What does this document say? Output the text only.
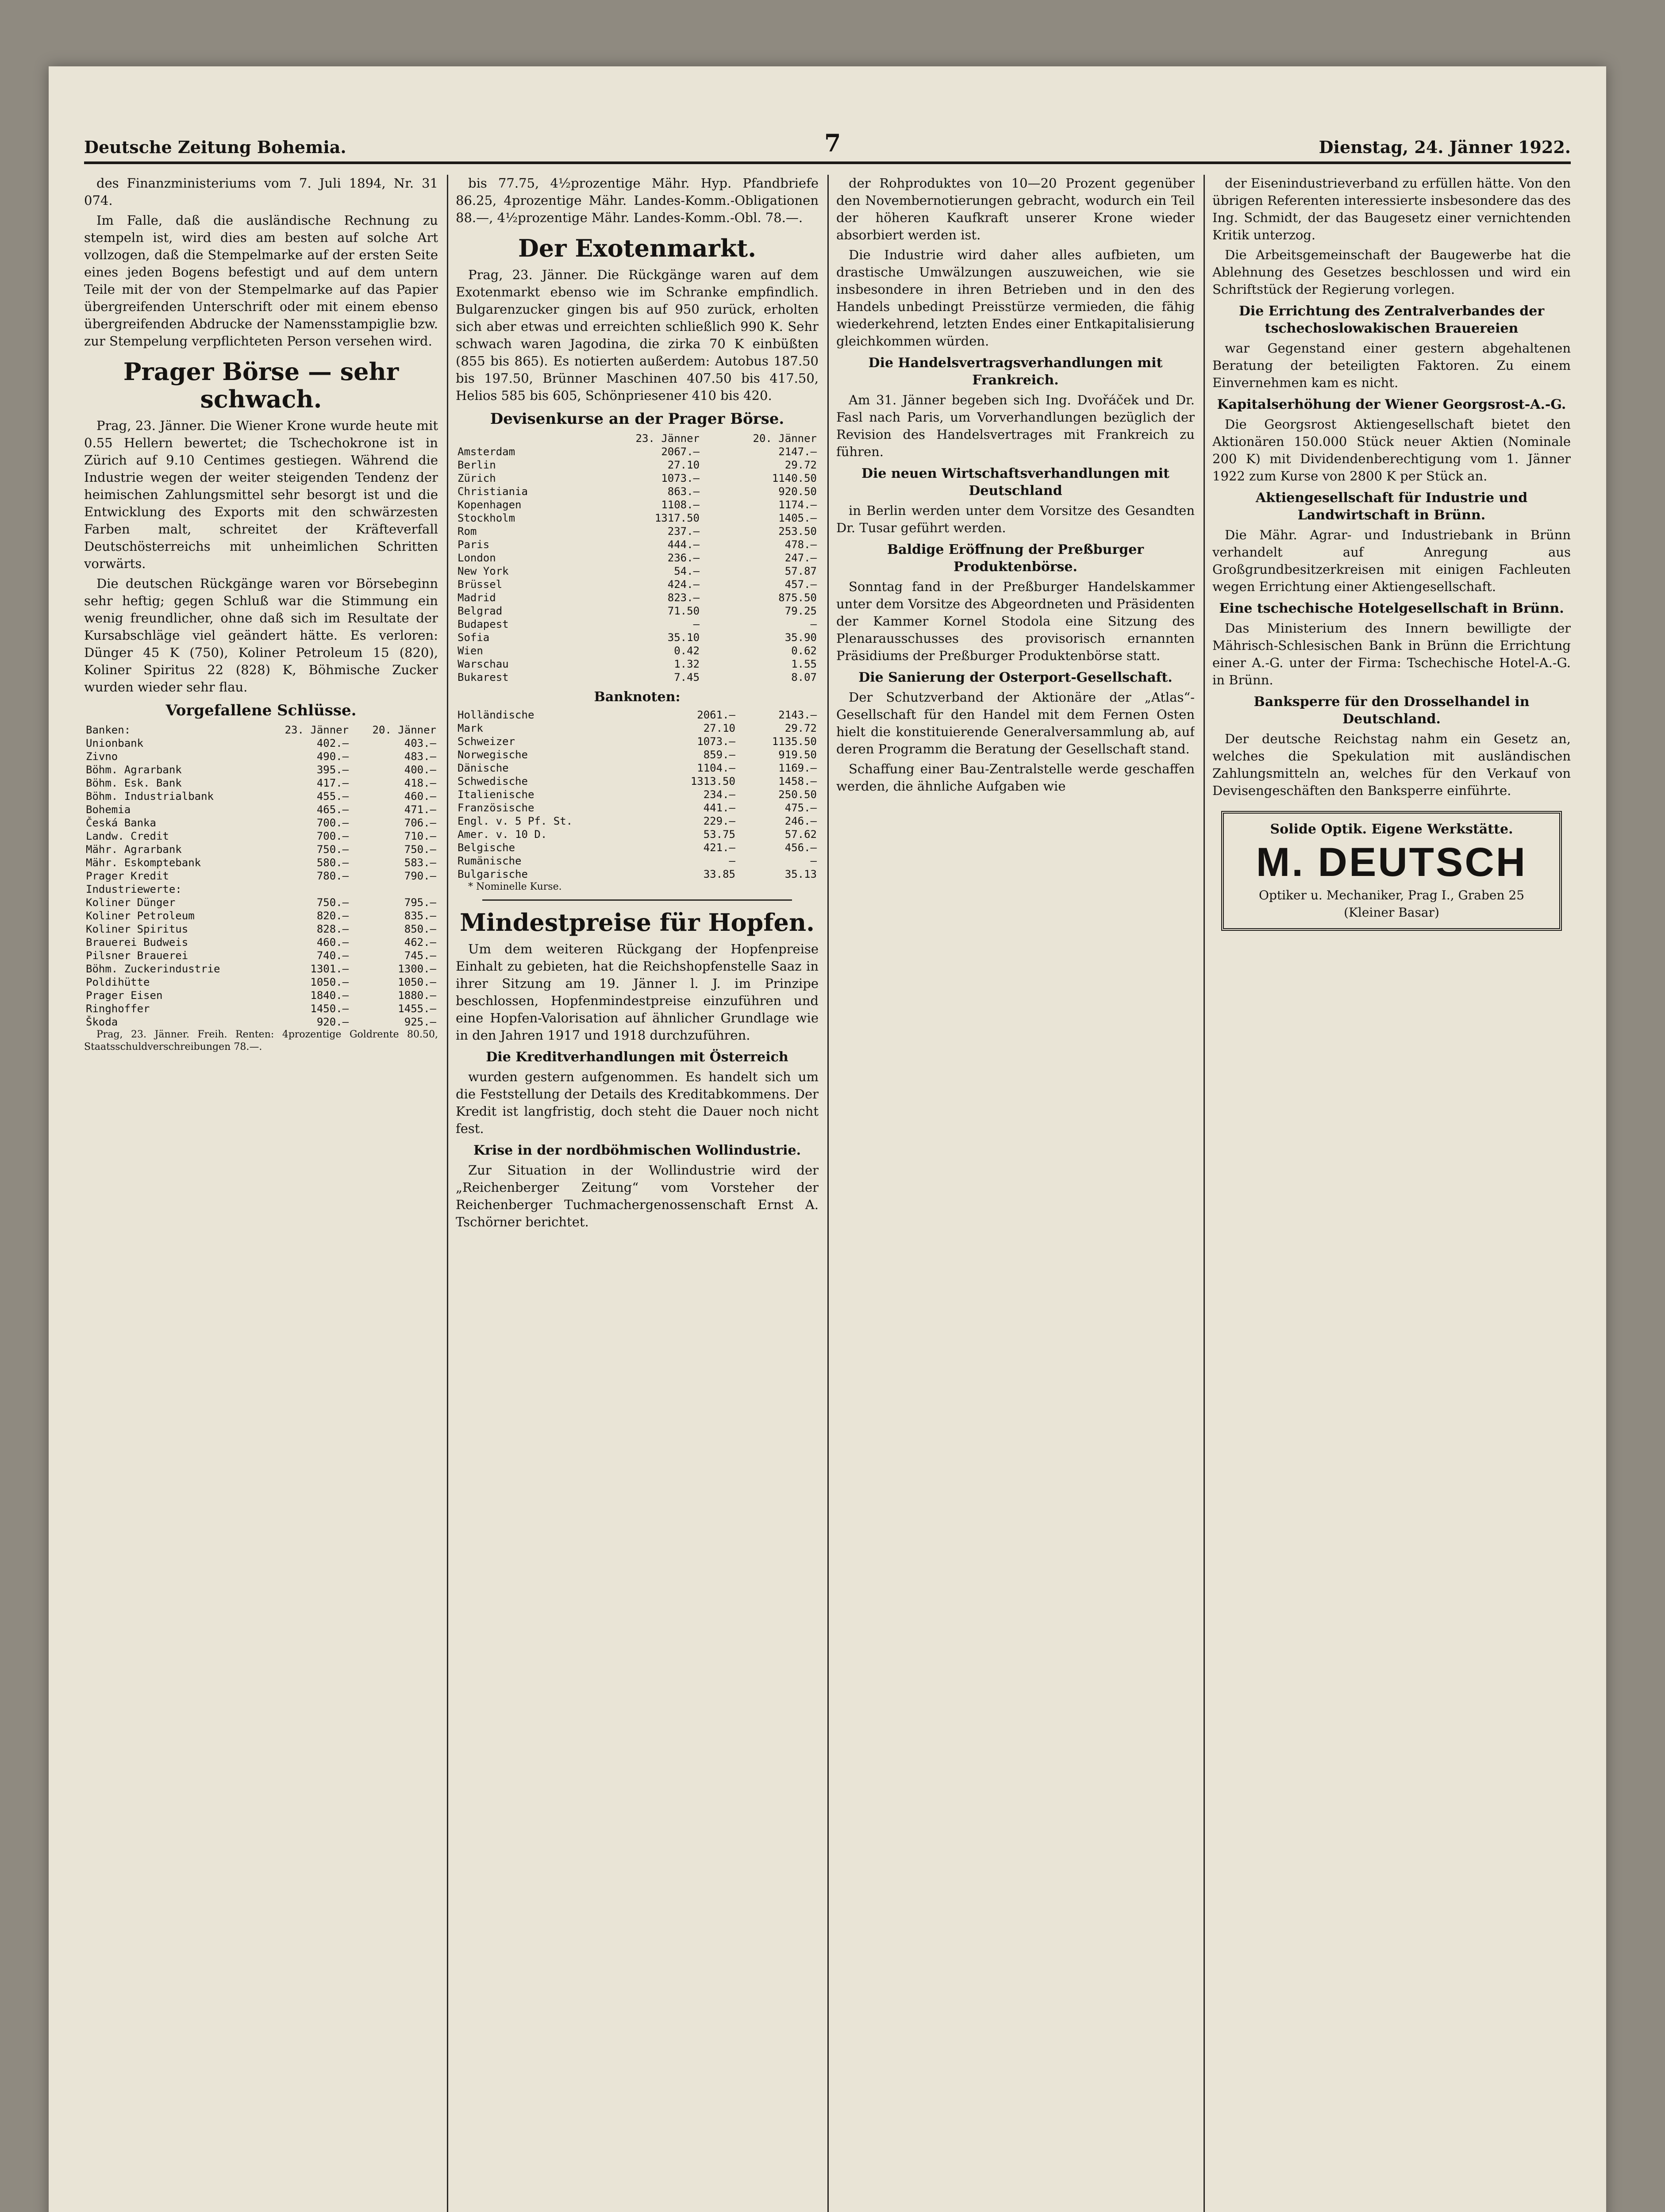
Deutsche Zeitung Bohemia.	7	Dienstag, 24. Jänner 1922.

des Finanzministeriums vom 7. Juli 1894, Nr. 31 074.

Im Falle, daß die ausländische Rechnung zu stempeln ist, wird dies am besten auf solche Art vollzogen, daß die Stempelmarke auf der ersten Seite eines jeden Bogens befestigt und auf dem untern Teile mit der von der Stempelmarke auf das Papier übergreifenden Unterschrift oder mit einem ebenso übergreifenden Abdrucke der Namensstampiglie bzw. zur Stempelung verpflichteten Person versehen wird.

Prager Börse — sehr schwach.

Prag, 23. Jänner. Die Wiener Krone wurde heute mit 0.55 Hellern bewertet; die Tschechokrone ist in Zürich auf 9.10 Centimes gestiegen. Während die Industrie wegen der weiter steigenden Tendenz der heimischen Zahlungsmittel sehr besorgt ist und die Entwicklung des Exports mit den schwärzesten Farben malt, schreitet der Kräfteverfall Deutschösterreichs mit unheimlichen Schritten vorwärts.

Die deutschen Rückgänge waren vor Börsebeginn sehr heftig; gegen Schluß war die Stimmung ein wenig freundlicher, ohne daß sich im Resultate der Kursabschläge viel geändert hätte. Es verloren: Dünger 45 K (750), Koliner Petroleum 15 (820), Koliner Spiritus 22 (828) K, Böhmische Zucker wurden wieder sehr flau.

Vorgefallene Schlüsse.
Banken:	23. Jänner	20. Jänner
Unionbank	402.—	403.—
Zivno	490.—	483.—
Böhm. Agrarbank	395.—	400.—
Böhm. Esk. Bank	417.—	418.—
Böhm. Industrialbank	455.—	460.—
Bohemia	465.—	471.—
Česká Banka	700.—	706.—
Landw. Credit	700.—	710.—
Mähr. Agrarbank	750.—	750.—
Mähr. Eskomptebank	580.—	583.—
Prager Kredit	780.—	790.—
Industriewerte:		
Koliner Dünger	750.—	795.—
Koliner Petroleum	820.—	835.—
Koliner Spiritus	828.—	850.—
Brauerei Budweis	460.—	462.—
Pilsner Brauerei	740.—	745.—
Böhm. Zuckerindustrie	1301.—	1300.—
Poldihütte	1050.—	1050.—
Prager Eisen	1840.—	1880.—
Ringhoffer	1450.—	1455.—
Škoda	920.—	925.—

Prag, 23. Jänner. Freih. Renten: 4prozentige Goldrente 80.50, Staatsschuldverschreibungen 78.—.

bis 77.75, 4½prozentige Mähr. Hyp. Pfandbriefe 86.25, 4prozentige Mähr. Landes-Komm.-Obligationen 88.—, 4½prozentige Mähr. Landes-Komm.-Obl. 78.—.

Der Exotenmarkt.

Prag, 23. Jänner. Die Rückgänge waren auf dem Exotenmarkt ebenso wie im Schranke empfindlich. Bulgarenzucker gingen bis auf 950 zurück, erholten sich aber etwas und erreichten schließlich 990 K. Sehr schwach waren Jagodina, die zirka 70 K einbüßten (855 bis 865). Es notierten außerdem: Autobus 187.50 bis 197.50, Brünner Maschinen 407.50 bis 417.50, Helios 585 bis 605, Schönpriesener 410 bis 420.

Devisenkurse an der Prager Börse.
	23. Jänner	20. Jänner
Amsterdam	2067.—	2147.—
Berlin	27.10	29.72
Zürich	1073.—	1140.50
Christiania	863.—	920.50
Kopenhagen	1108.—	1174.—
Stockholm	1317.50	1405.—
Rom	237.—	253.50
Paris	444.—	478.—
London	236.—	247.—
New York	54.—	57.87
Brüssel	424.—	457.—
Madrid	823.—	875.50
Belgrad	71.50	79.25
Budapest	—	—
Sofia	35.10	35.90
Wien	0.42	0.62
Warschau	1.32	1.55
Bukarest	7.45	8.07
Banknoten:
Holländische	2061.—	2143.—
Mark	27.10	29.72
Schweizer	1073.—	1135.50
Norwegische	859.—	919.50
Dänische	1104.—	1169.—
Schwedische	1313.50	1458.—
Italienische	234.—	250.50
Französische	441.—	475.—
Engl. v. 5 Pf. St.	229.—	246.—
Amer. v. 10 D.	53.75	57.62
Belgische	421.—	456.—
Rumänische	—	—
Bulgarische	33.85	35.13

* Nominelle Kurse.

Mindestpreise für Hopfen.

Um dem weiteren Rückgang der Hopfenpreise Einhalt zu gebieten, hat die Reichshopfenstelle Saaz in ihrer Sitzung am 19. Jänner l. J. im Prinzipe beschlossen, Hopfenmindestpreise einzuführen und eine Hopfen-Valorisation auf ähnlicher Grundlage wie in den Jahren 1917 und 1918 durchzuführen.

Die Kreditverhandlungen mit Österreich

wurden gestern aufgenommen. Es handelt sich um die Feststellung der Details des Kreditabkommens. Der Kredit ist langfristig, doch steht die Dauer noch nicht fest.

Krise in der nordböhmischen Wollindustrie.

Zur Situation in der Wollindustrie wird der „Reichenberger Zeitung“ vom Vorsteher der Reichenberger Tuchmachergenossenschaft Ernst A. Tschörner berichtet.

der Rohproduktes von 10—20 Prozent gegenüber den Novembernotierungen gebracht, wodurch ein Teil der höheren Kaufkraft unserer Krone wieder absorbiert werden ist.

Die Industrie wird daher alles aufbieten, um drastische Umwälzungen auszuweichen, wie sie insbesondere in ihren Betrieben und in den des Handels unbedingt Preisstürze vermieden, die fähig wiederkehrend, letzten Endes einer Entkapitalisierung gleichkommen würden.

Die Handelsvertragsverhandlungen mit Frankreich.

Am 31. Jänner begeben sich Ing. Dvořáček und Dr. Fasl nach Paris, um Vorverhandlungen bezüglich der Revision des Handelsvertrages mit Frankreich zu führen.

Die neuen Wirtschaftsverhandlungen mit Deutschland

in Berlin werden unter dem Vorsitze des Gesandten Dr. Tusar geführt werden.

Baldige Eröffnung der Preßburger Produktenbörse.

Sonntag fand in der Preßburger Handelskammer unter dem Vorsitze des Abgeordneten und Präsidenten der Kammer Kornel Stodola eine Sitzung des Plenarausschusses des provisorisch ernannten Präsidiums der Preßburger Produktenbörse statt.

Die Sanierung der Osterport-Gesellschaft.

Der Schutzverband der Aktionäre der „Atlas“-Gesellschaft für den Handel mit dem Fernen Osten hielt die konstituierende Generalversammlung ab, auf deren Programm die Beratung der Gesellschaft stand.

Schaffung einer Bau-Zentralstelle werde geschaffen werden, die ähnliche Aufgaben wie

der Eisenindustrieverband zu erfüllen hätte. Von den übrigen Referenten interessierte insbesondere das des Ing. Schmidt, der das Baugesetz einer vernichtenden Kritik unterzog.

Die Arbeitsgemeinschaft der Baugewerbe hat die Ablehnung des Gesetzes beschlossen und wird ein Schriftstück der Regierung vorlegen.

Die Errichtung des Zentralverbandes der tschechoslowakischen Brauereien

war Gegenstand einer gestern abgehaltenen Beratung der beteiligten Faktoren. Zu einem Einvernehmen kam es nicht.

Kapitalserhöhung der Wiener Georgsrost-A.-G.

Die Georgsrost Aktiengesellschaft bietet den Aktionären 150.000 Stück neuer Aktien (Nominale 200 K) mit Dividendenberechtigung vom 1. Jänner 1922 zum Kurse von 2800 K per Stück an.

Aktiengesellschaft für Industrie und Landwirtschaft in Brünn.

Die Mähr. Agrar- und Industriebank in Brünn verhandelt auf Anregung aus Großgrundbesitzerkreisen mit einigen Fachleuten wegen Errichtung einer Aktiengesellschaft.

Eine tschechische Hotelgesellschaft in Brünn.

Das Ministerium des Innern bewilligte der Mährisch-Schlesischen Bank in Brünn die Errichtung einer A.-G. unter der Firma: Tschechische Hotel-A.-G. in Brünn.

Banksperre für den Drosselhandel in Deutschland.

Der deutsche Reichstag nahm ein Gesetz an, welches die Spekulation mit ausländischen Zahlungsmitteln an, welches für den Verkauf von Devisengeschäften den Banksperre einführte.

Solide Optik. Eigene Werkstätte.
M. DEUTSCH
Optiker u. Mechaniker, Prag I., Graben 25
(Kleiner Basar)
